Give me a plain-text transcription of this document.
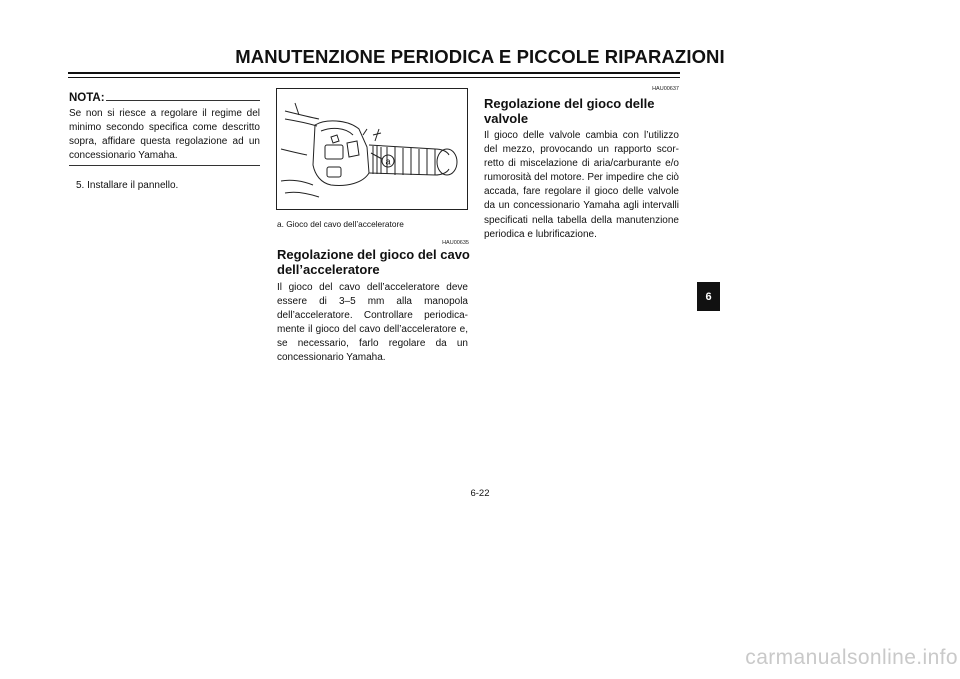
MANUTENZIONE PERIODICA E PICCOLE RIPARAZIONI
NOTA:
Se non si riesce a regolare il regime del minimo secondo specifica come descritto sopra, affidare questa regolazione ad un concessionario Yamaha.
5. Installare il pannello.
a
a. Gioco del cavo dell’acceleratore
HAU00635
Regolazione del gioco del cavo dell’acceleratore
Il gioco del cavo dell’acceleratore deve essere di 3–5 mm alla manopola dell’acceleratore. Controllare periodica-mente il gioco del cavo dell’acceleratore e, se necessario, farlo regolare da un concessionario Yamaha.
HAU00637
Regolazione del gioco delle valvole
Il gioco delle valvole cambia con l’utilizzo del mezzo, provocando un rapporto scor-retto di miscelazione di aria/carburante e/o rumorosità del motore. Per impedire che ciò accada, fare regolare il gioco delle valvole da un concessionario Yamaha agli intervalli specificati nella tabella della manutenzione periodica e lubrificazione.
6
6-22
carmanualsonline.info
